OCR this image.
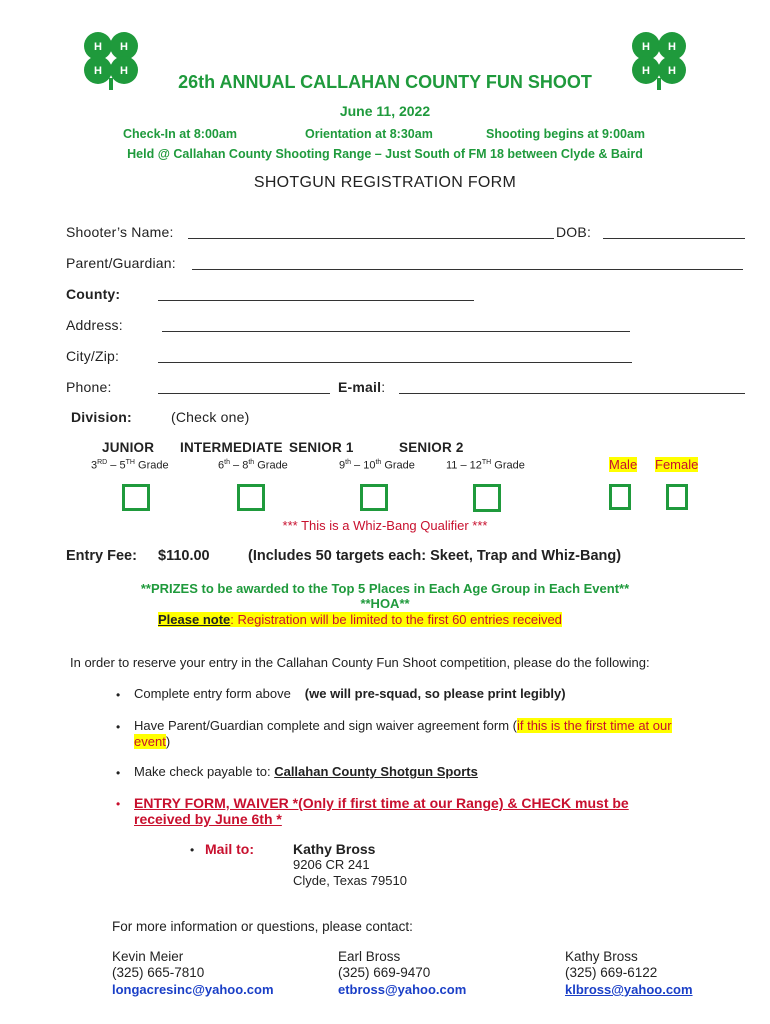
H H
H H
H H
H H
26th ANNUAL CALLAHAN COUNTY FUN SHOOT
June 11, 2022
Check-In at 8:00am	Orientation at 8:30am	Shooting begins at 9:00am
Held @ Callahan County Shooting Range – Just South of FM 18 between Clyde & Baird
SHOTGUN REGISTRATION FORM
Shooter’s Name:	DOB:
Parent/Guardian:
County:
Address:
City/Zip:
Phone:	E-mail:
Division:	(Check one)
JUNIOR
3RD – 5TH Grade
INTERMEDIATE
6th – 8th Grade
SENIOR 1
9th – 10th Grade
SENIOR 2
11 – 12TH Grade	Male Female
*** This is a Whiz-Bang Qualifier ***
Entry Fee: $110.00	(Includes 50 targets each: Skeet, Trap and Whiz-Bang)
**PRIZES to be awarded to the Top 5 Places in Each Age Group in Each Event**
**HOA**
Please note: Registration will be limited to the first 60 entries received
In order to reserve your entry in the Callahan County Fun Shoot competition, please do the following:
• Complete entry form above (we will pre-squad, so please print legibly)
• Have Parent/Guardian complete and sign waiver agreement form (if this is the first time at our
event)
• Make check payable to: Callahan County Shotgun Sports
• ENTRY FORM, WAIVER *(Only if first time at our Range) & CHECK must be
received by June 6th *
• Mail to:	Kathy Bross
9206 CR 241
Clyde, Texas 79510
For more information or questions, please contact:
Kevin Meier
(325) 665-7810
longacresinc@yahoo.com
Earl Bross
(325) 669-9470
etbross@yahoo.com
Kathy Bross
(325) 669-6122
klbross@yahoo.com
